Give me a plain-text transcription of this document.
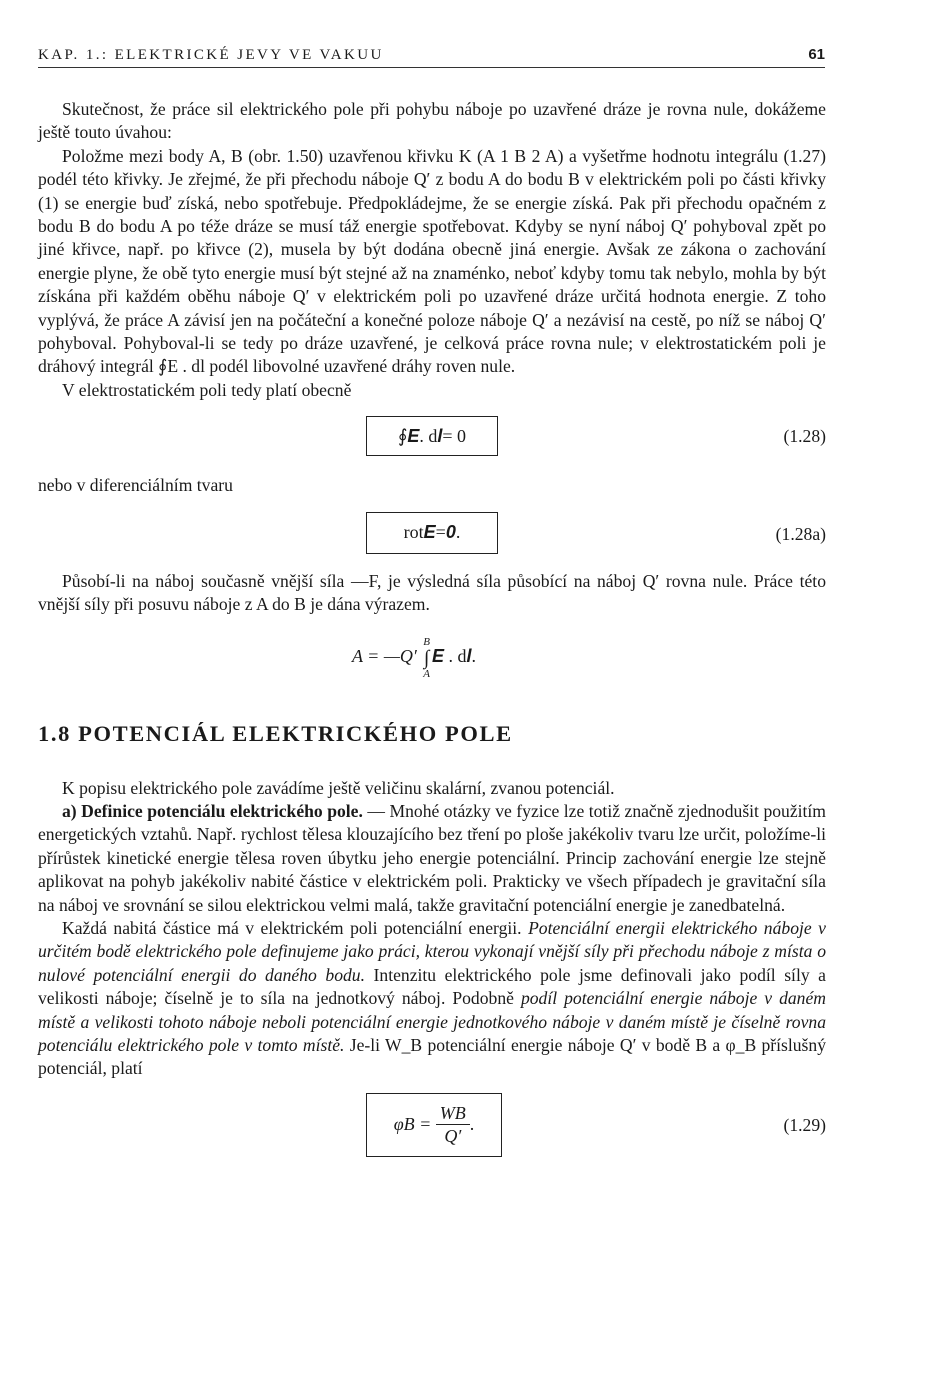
KAP. 1.: ELEKTRICKÉ JEVY VE VAKUU	61

Skutečnost, že práce sil elektrického pole při pohybu náboje po uzavřené dráze je rovna nule, dokážeme ještě touto úvahou:

Položme mezi body A, B (obr. 1.50) uzavřenou křivku K (A 1 B 2 A) a vyšetřme hodnotu integrálu (1.27) podél této křivky. Je zřejmé, že při přechodu náboje Q′ z bodu A do bodu B v elektrickém poli po části křivky (1) se energie buď získá, nebo spotřebuje. Předpokládejme, že se energie získá. Pak při přechodu opačném z bodu B do bodu A po téže dráze se musí táž energie spotřebovat. Kdyby se nyní náboj Q′ pohyboval zpět po jiné křivce, např. po křivce (2), musela by být dodána obecně jiná energie. Avšak ze zákona o zachování energie plyne, že obě tyto energie musí být stejné až na znaménko, neboť kdyby tomu tak nebylo, mohla by být získána při každém oběhu náboje Q′ v elektrickém poli po uzavřené dráze určitá hodnota energie. Z toho vyplývá, že práce A závisí jen na počáteční a konečné poloze náboje Q′ a nezávisí na cestě, po níž se náboj Q′ pohyboval. Pohyboval-li se tedy po dráze uzavřené, je celková práce rovna nule; v elektrostatickém poli je dráhový integrál ∮E . dl podél libovolné uzavřené dráhy roven nule.

V elektrostatickém poli tedy platí obecně

∮ E . d l = 0	(1.28)

nebo v diferenciálním tvaru

rot E = 0 .	(1.28a)

Působí-li na náboj současně vnější síla —F, je výsledná síla působící na náboj Q′ rovna nule. Práce této vnější síly při posuvu náboje z A do B je dána výrazem.

A = —Q′
B
∫
A
E . dl.
1.8 POTENCIÁL ELEKTRICKÉHO POLE

K popisu elektrického pole zavádíme ještě veličinu skalární, zvanou potenciál.

a) Definice potenciálu elektrického pole. — Mnohé otázky ve fyzice lze totiž značně zjednodušit použitím energetických vztahů. Např. rychlost tělesa klouzajícího bez tření po ploše jakékoliv tvaru lze určit, položíme-li přírůstek kinetické energie tělesa roven úbytku jeho energie potenciální. Princip zachování energie lze stejně aplikovat na pohyb jakékoliv nabité částice v elektrickém poli. Prakticky ve všech případech je gravitační síla na náboj ve srovnání se silou elektrickou velmi malá, takže gravitační potenciální energie je zanedbatelná.

Každá nabitá částice má v elektrickém poli potenciální energii. Potenciální energii elektrického náboje v určitém bodě elektrického pole definujeme jako práci, kterou vykonají vnější síly při přechodu náboje z místa o nulové potenciální energii do daného bodu. Intenzitu elektrického pole jsme definovali jako podíl síly a velikosti náboje; číselně je to síla na jednotkový náboj. Podobně podíl potenciální energie náboje v daném místě a velikosti tohoto náboje neboli potenciální energie jednotkového náboje v daném místě je číselně rovna potenciálu elektrického pole v tomto místě. Je-li W_B potenciální energie náboje Q′ v bodě B a φ_B příslušný potenciál, platí

φB =
$\frac{WB}{Q'}$ .	(1.29)
